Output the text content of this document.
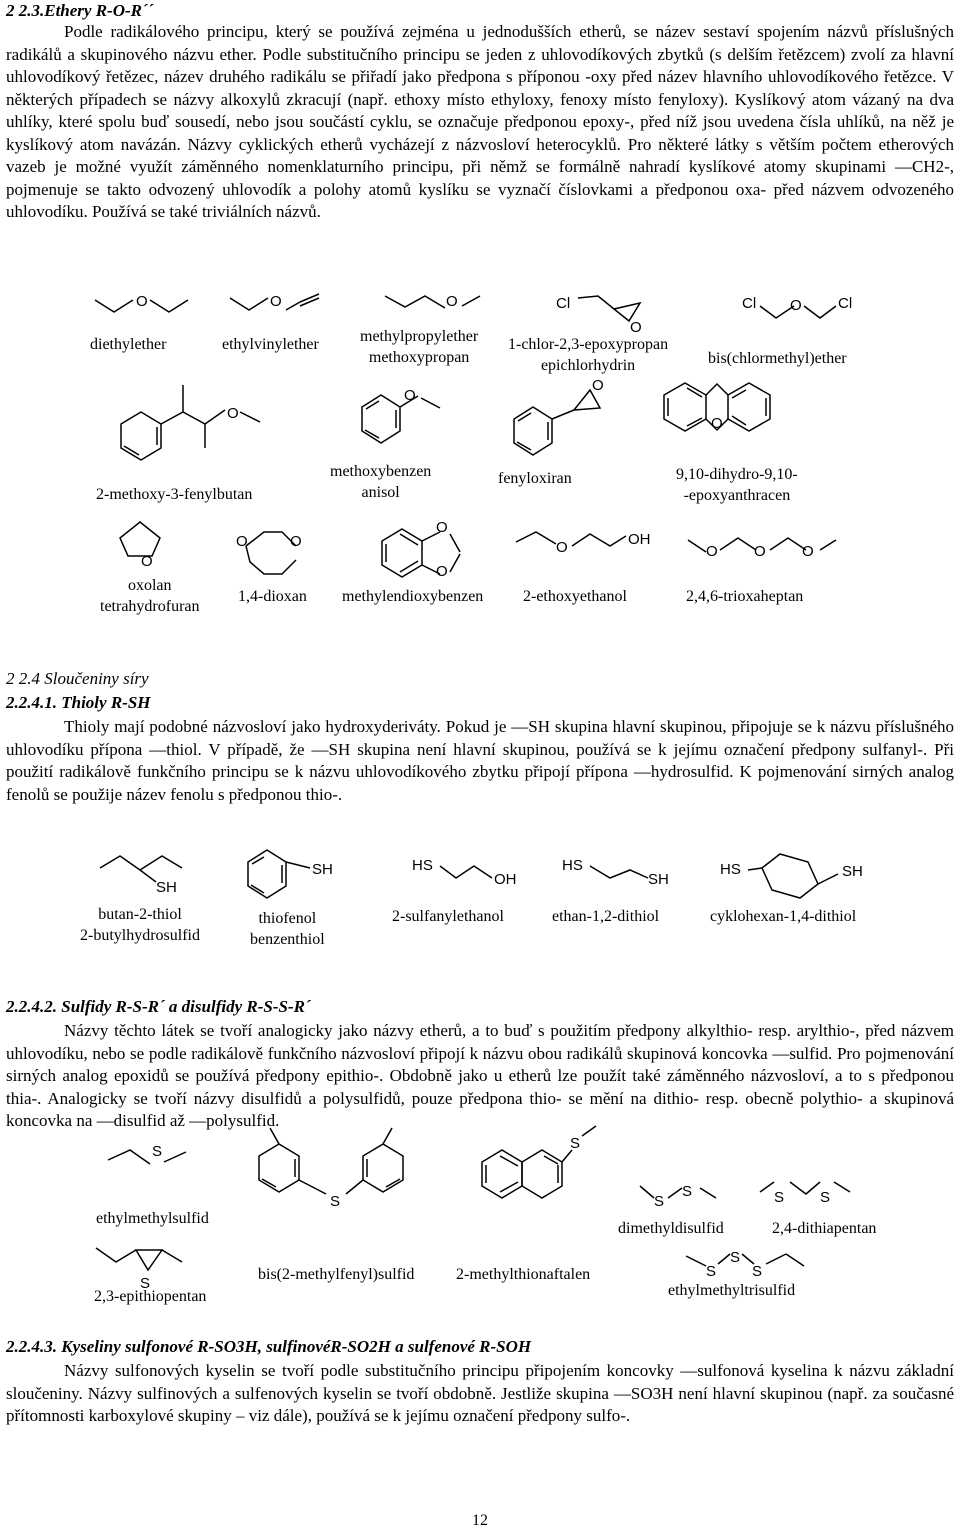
2 2.3.Ethery R-O-R´´
Podle radikálového principu, který se používá zejména u jednodušších etherů, se název sestaví spojením názvů příslušných radikálů a skupinového názvu ether. Podle substitučního principu se jeden z uhlovodíkových zbytků (s delším řetězcem) zvolí za hlavní uhlovodíkový řetězec, název druhého radikálu se přiřadí jako předpona s příponou -oxy před název hlavního uhlovodíkového řetězce. V některých případech se názvy alkoxylů zkracují (např. ethoxy místo ethyloxy, fenoxy místo fenyloxy). Kyslíkový atom vázaný na dva uhlíky, které spolu buď sousedí, nebo jsou součástí cyklu, se označuje předponou epoxy-, před níž jsou uvedena čísla uhlíků, na něž je kyslíkový atom navázán. Názvy cyklických etherů vycházejí z názvosloví heterocyklů. Pro některé látky s větším počtem etherových vazeb je možné využít záměnného nomenklaturního principu, při němž se formálně nahradí kyslíkové atomy skupinami —CH2-, pojmenuje se takto odvozený uhlovodík a polohy atomů kyslíku se vyznačí číslovkami a předponou oxa- před názvem odvozeného uhlovodíku. Používá se také triviálních názvů.
O	O	O	Cl
O
Cl O Cl
O
O
O
O
O
O	O
O
O
O	OH
O O O
SH
SH	HS
OH
HS
SH
HS	SH
S
S
S
S
S
S	S S
S
S
S
diethylether	ethylvinylether	methylpropylether
methoxypropan
1-chlor-2,3-epoxypropan
epichlorhydrin	bis(chlormethyl)ether
2-methoxy-3-fenylbutan
methoxybenzen
anisol
fenyloxiran	9,10-dihydro-9,10-
-epoxyanthracen
oxolan
tetrahydrofuran
1,4-dioxan methylendioxybenzen 2-ethoxyethanol	2,4,6-trioxaheptan
2 2.4 Sloučeniny síry
2.2.4.1. Thioly R-SH
Thioly mají podobné názvosloví jako hydroxyderiváty. Pokud je —SH skupina hlavní skupinou, připojuje se k názvu příslušného uhlovodíku přípona —thiol. V případě, že —SH skupina není hlavní skupinou, používá se k jejímu označení předpony sulfanyl-. Při použití radikálově funkčního principu se k názvu uhlovodíkového zbytku připojí přípona —hydrosulfid. K pojmenování sirných analog fenolů se použije název fenolu s předponou thio-.
butan-2-thiol
2-butylhydrosulfid
thiofenol
benzenthiol
2-sulfanylethanol	ethan-1,2-dithiol	cyklohexan-1,4-dithiol
2.2.4.2. Sulfidy R-S-R´ a disulfidy R-S-S-R´
Názvy těchto látek se tvoří analogicky jako názvy etherů, a to buď s použitím předpony alkylthio- resp. arylthio-, před názvem uhlovodíku, nebo se podle radikálově funkčního názvosloví připojí k názvu obou radikálů skupinová koncovka —sulfid. Pro pojmenování sirných analog epoxidů se používá předpony epithio-. Obdobně jako u etherů lze použít také záměnného názvosloví, a to s předponou thia-. Analogicky se tvoří názvy disulfidů a polysulfidů, pouze předpona thio- se mění na dithio- resp. obecně polythio- a skupinová koncovka na —disulfid až —polysulfid.
ethylmethylsulfid
2,3-epithiopentan
bis(2-methylfenyl)sulfid	2-methylthionaftalen
dimethyldisulfid	2,4-dithiapentan
ethylmethyltrisulfid
2.2.4.3. Kyseliny sulfonové R-SO3H, sulfinovéR-SO2H a sulfenové R-SOH
Názvy sulfonových kyselin se tvoří podle substitučního principu připojením koncovky —sulfonová kyselina k názvu základní sloučeniny. Názvy sulfinových a sulfenových kyselin se tvoří obdobně. Jestliže skupina —SO3H není hlavní skupinou (např. za současné přítomnosti karboxylové skupiny – viz dále), používá se k jejímu označení předpony sulfo-.
12
